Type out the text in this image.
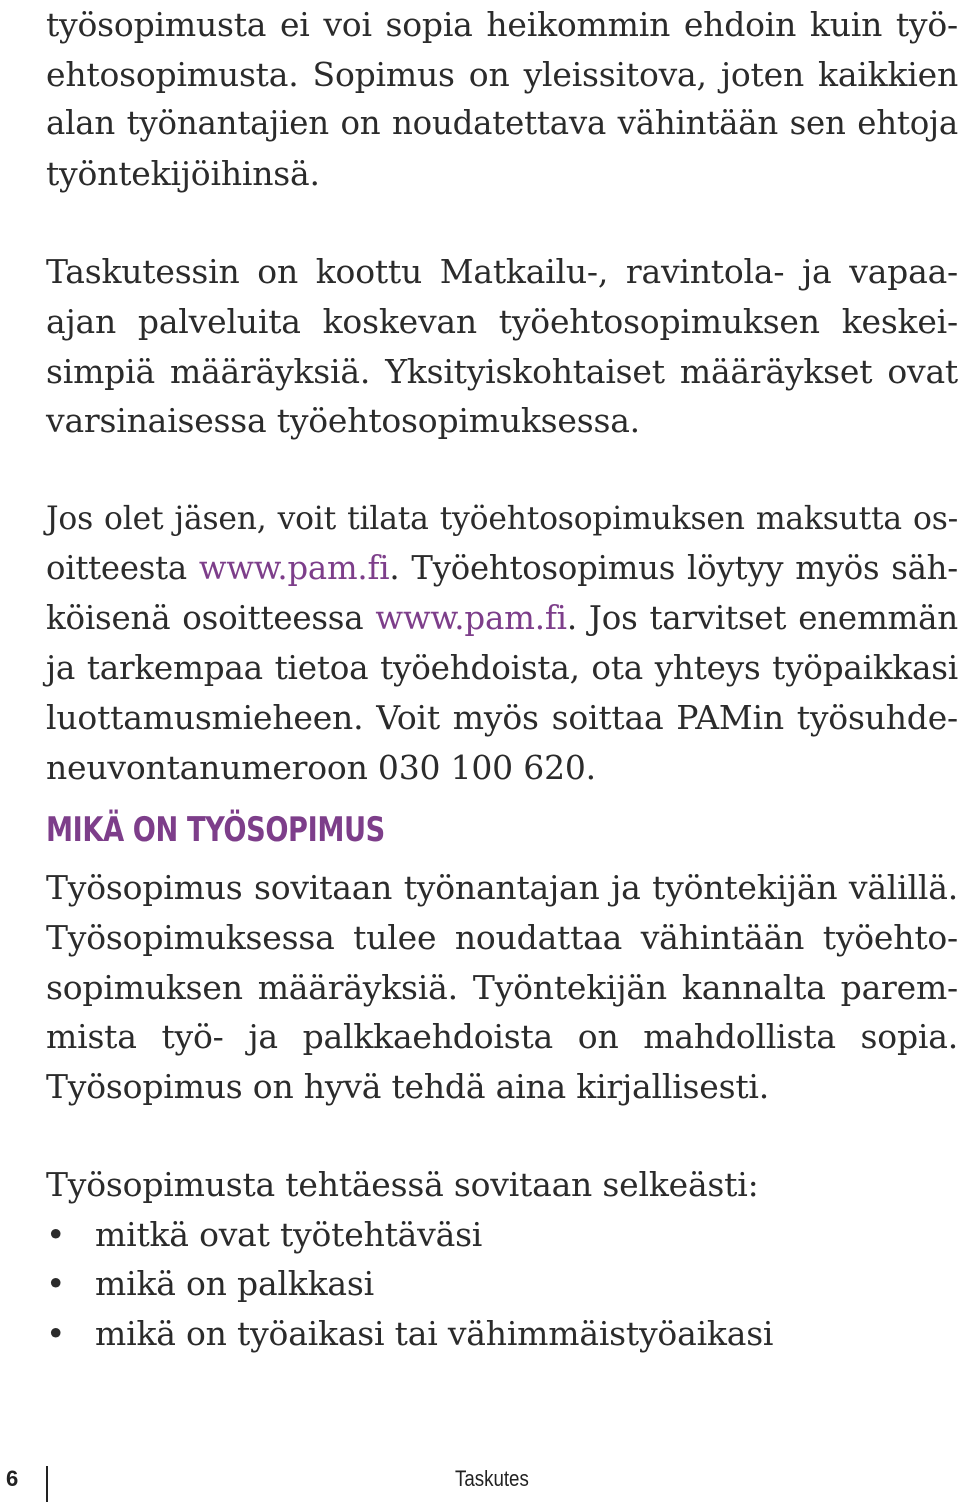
työsopimusta ei voi sopia heikommin ehdoin kuin työ-
ehtosopimusta. Sopimus on yleissitova, joten kaikkien
alan työnantajien on noudatettava vähintään sen ehtoja
työntekijöihinsä.
Taskutessin on koottu Matkailu-, ravintola- ja vapaa-
ajan palveluita koskevan työehtosopimuksen keskei-
simpiä määräyksiä. Yksityiskohtaiset määräykset ovat
varsinaisessa työehtosopimuksessa.
Jos olet jäsen, voit tilata työehtosopimuksen maksutta os-
oitteesta www.pam.fi. Työehtosopimus löytyy myös säh-
köisenä osoitteessa www.pam.fi. Jos tarvitset enemmän
ja tarkempaa tietoa työehdoista, ota yhteys työpaikkasi
luottamusmieheen. Voit myös soittaa PAMin työsuhde-
neuvontanumeroon 030 100 620.
MIKÄ ON TYÖSOPIMUS
Työsopimus sovitaan työnantajan ja työntekijän välillä.
Työsopimuksessa tulee noudattaa vähintään työehto-
sopimuksen määräyksiä. Työntekijän kannalta parem-
mista työ- ja palkkaehdoista on mahdollista sopia.
Työsopimus on hyvä tehdä aina kirjallisesti.
Työsopimusta tehtäessä sovitaan selkeästi:
• mitkä ovat työtehtäväsi
• mikä on palkkasi
• mikä on työaikasi tai vähimmäistyöaikasi
6	Taskutes
